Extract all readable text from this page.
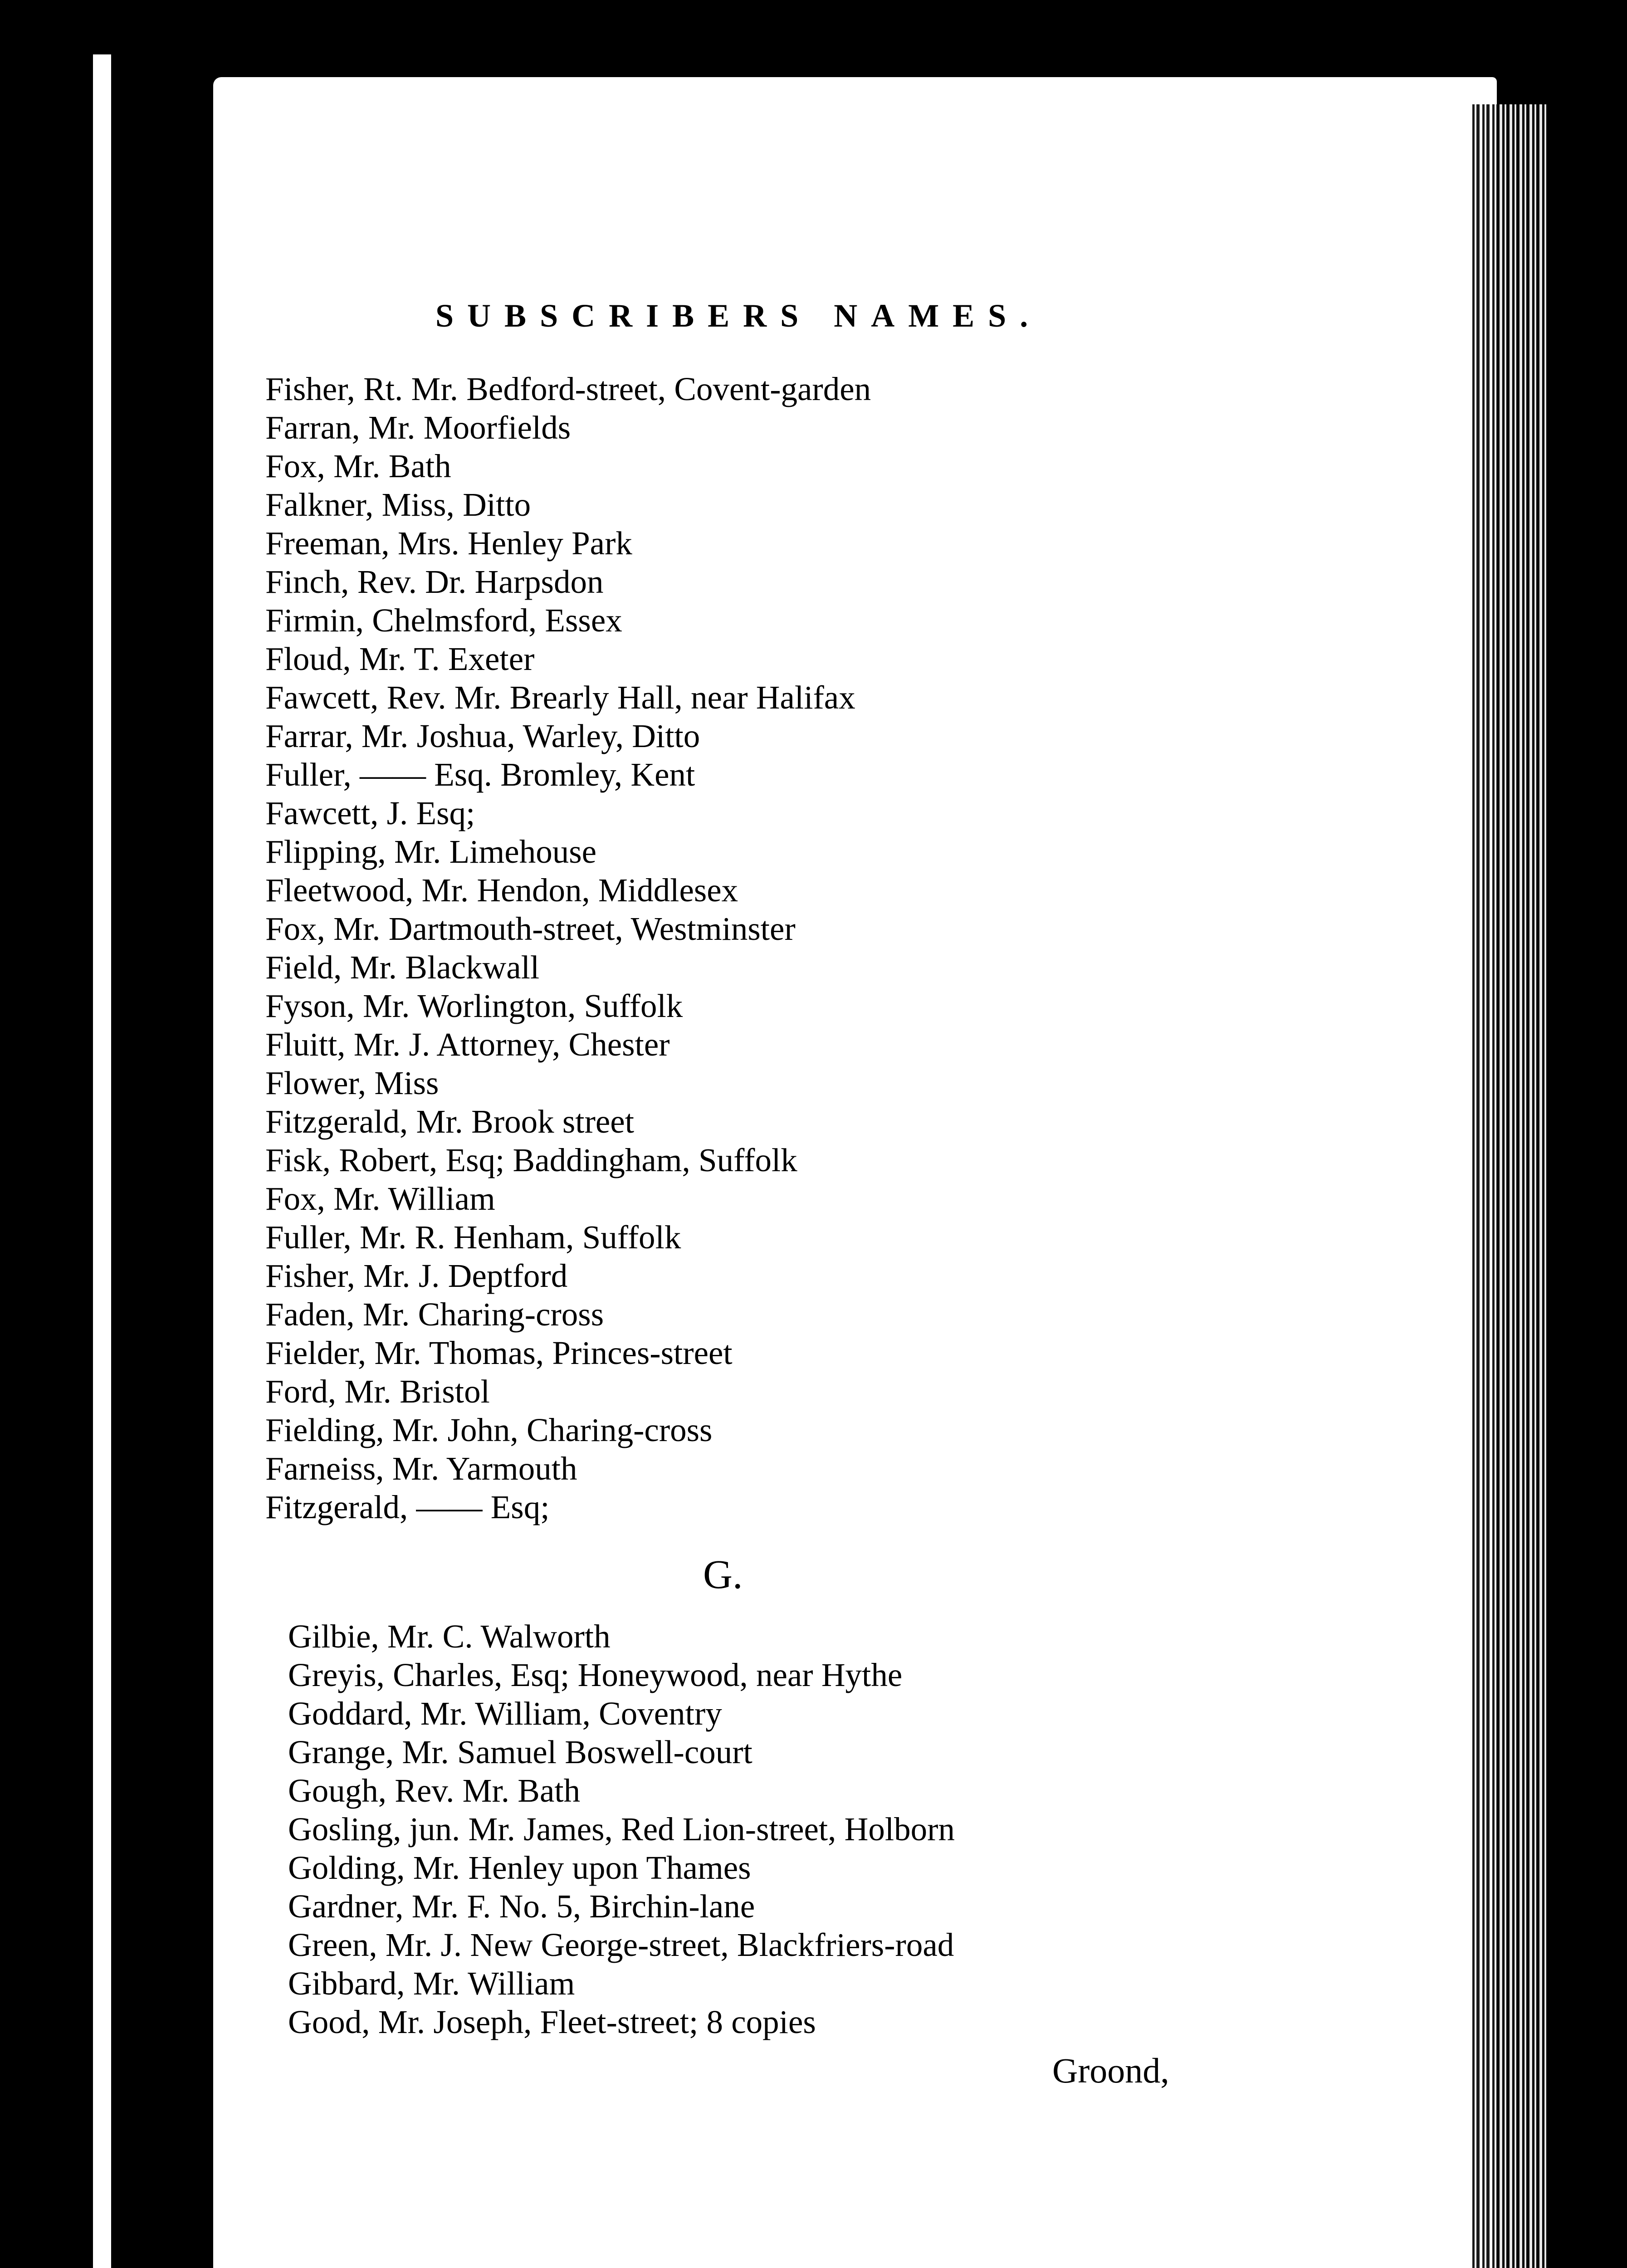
SUBSCRIBERS NAMES.
Fisher, Rt. Mr. Bedford-street, Covent-garden
Farran, Mr. Moorfields
Fox, Mr. Bath
Falkner, Miss, Ditto
Freeman, Mrs. Henley Park
Finch, Rev. Dr. Harpsdon
Firmin, Chelmsford, Essex
Floud, Mr. T. Exeter
Fawcett, Rev. Mr. Brearly Hall, near Halifax
Farrar, Mr. Joshua, Warley, Ditto
Fuller, —— Esq. Bromley, Kent
Fawcett, J. Esq;
Flipping, Mr. Limehouse
Fleetwood, Mr. Hendon, Middlesex
Fox, Mr. Dartmouth-street, Westminster
Field, Mr. Blackwall
Fyson, Mr. Worlington, Suffolk
Fluitt, Mr. J. Attorney, Chester
Flower, Miss
Fitzgerald, Mr. Brook street
Fisk, Robert, Esq; Baddingham, Suffolk
Fox, Mr. William
Fuller, Mr. R. Henham, Suffolk
Fisher, Mr. J. Deptford
Faden, Mr. Charing-cross
Fielder, Mr. Thomas, Princes-street
Ford, Mr. Bristol
Fielding, Mr. John, Charing-cross
Farneiss, Mr. Yarmouth
Fitzgerald, —— Esq;
G.
Gilbie, Mr. C. Walworth
Greyis, Charles, Esq; Honeywood, near Hythe
Goddard, Mr. William, Coventry
Grange, Mr. Samuel Boswell-court
Gough, Rev. Mr. Bath
Gosling, jun. Mr. James, Red Lion-street, Holborn
Golding, Mr. Henley upon Thames
Gardner, Mr. F. No. 5, Birchin-lane
Green, Mr. J. New George-street, Blackfriers-road
Gibbard, Mr. William
Good, Mr. Joseph, Fleet-street; 8 copies
Groond,
